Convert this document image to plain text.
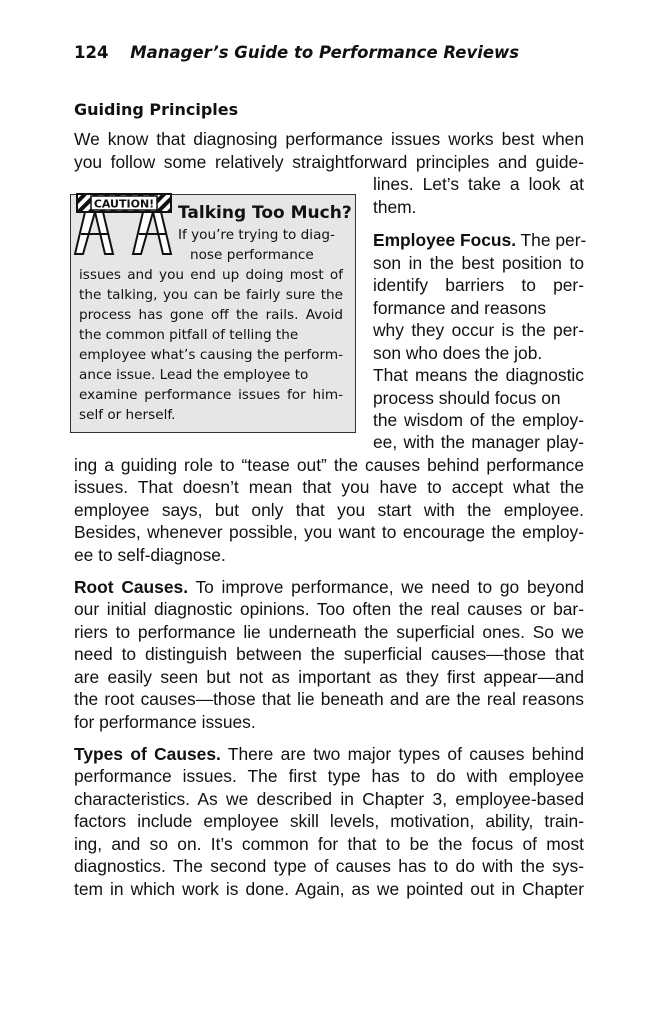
124 Manager’s Guide to Performance Reviews
Guiding Principles
We know that diagnosing performance issues works best when
you follow some relatively straightforward principles and guide-
lines. Let’s take a look at
them.
CAUTION! Talking Too Much?
If you’re trying to diag-
nose performance
issues and you end up doing most of
the talking, you can be fairly sure the
process has gone off the rails. Avoid
the common pitfall of telling the
employee what’s causing the perform-
ance issue. Lead the employee to
examine performance issues for him-
self or herself.
Employee Focus. The per-
son in the best position to
identify barriers to per-
formance and reasons
why they occur is the per-
son who does the job.
That means the diagnostic
process should focus on
the wisdom of the employ-
ee, with the manager play-
ing a guiding role to “tease out” the causes behind performance
issues. That doesn’t mean that you have to accept what the
employee says, but only that you start with the employee.
Besides, whenever possible, you want to encourage the employ-
ee to self-diagnose.
Root Causes. To improve performance, we need to go beyond
our initial diagnostic opinions. Too often the real causes or bar-
riers to performance lie underneath the superficial ones. So we
need to distinguish between the superficial causes—those that
are easily seen but not as important as they first appear—and
the root causes—those that lie beneath and are the real reasons
for performance issues.
Types of Causes. There are two major types of causes behind
performance issues. The first type has to do with employee
characteristics. As we described in Chapter 3, employee-based
factors include employee skill levels, motivation, ability, train-
ing, and so on. It’s common for that to be the focus of most
diagnostics. The second type of causes has to do with the sys-
tem in which work is done. Again, as we pointed out in Chapter
